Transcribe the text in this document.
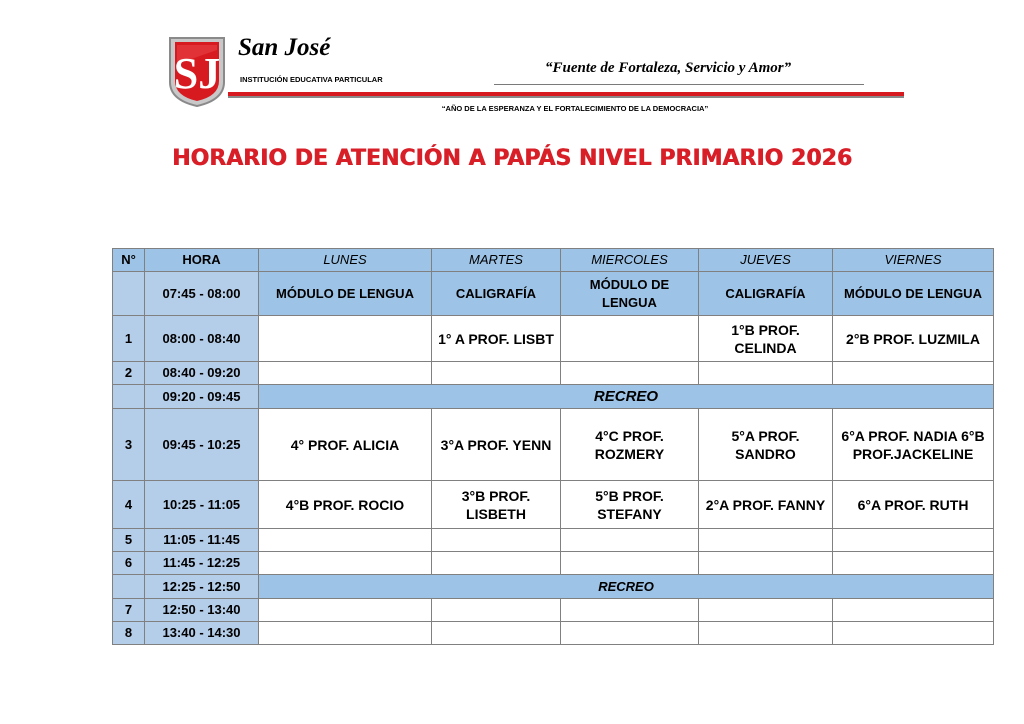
SJ
San José
INSTITUCIÓN EDUCATIVA PARTICULAR
“Fuente de Fortaleza, Servicio y Amor”
“AÑO DE LA ESPERANZA Y EL FORTALECIMIENTO DE LA DEMOCRACIA”
HORARIO DE ATENCIÓN A PAPÁS NIVEL PRIMARIO 2026
N°	HORA	LUNES	MARTES	MIERCOLES	JUEVES	VIERNES
	07:45 - 08:00	MÓDULO DE LENGUA	CALIGRAFÍA	MÓDULO DE LENGUA	CALIGRAFÍA	MÓDULO DE LENGUA
1	08:00 - 08:40		1° A PROF. LISBT		1°B PROF. CELINDA	2°B PROF. LUZMILA
2	08:40 - 09:20					
	09:20 - 09:45	RECREO				
3	09:45 - 10:25	4° PROF. ALICIA	3°A PROF. YENN	4°C PROF. ROZMERY	5°A PROF. SANDRO	6°A PROF. NADIA 6°B PROF.JACKELINE
4	10:25 - 11:05	4°B PROF. ROCIO	3°B PROF. LISBETH	5°B PROF. STEFANY	2°A PROF. FANNY	6°A PROF. RUTH
5	11:05 - 11:45					
6	11:45 - 12:25					
	12:25 - 12:50	RECREO				
7	12:50 - 13:40					
8	13:40 - 14:30					
